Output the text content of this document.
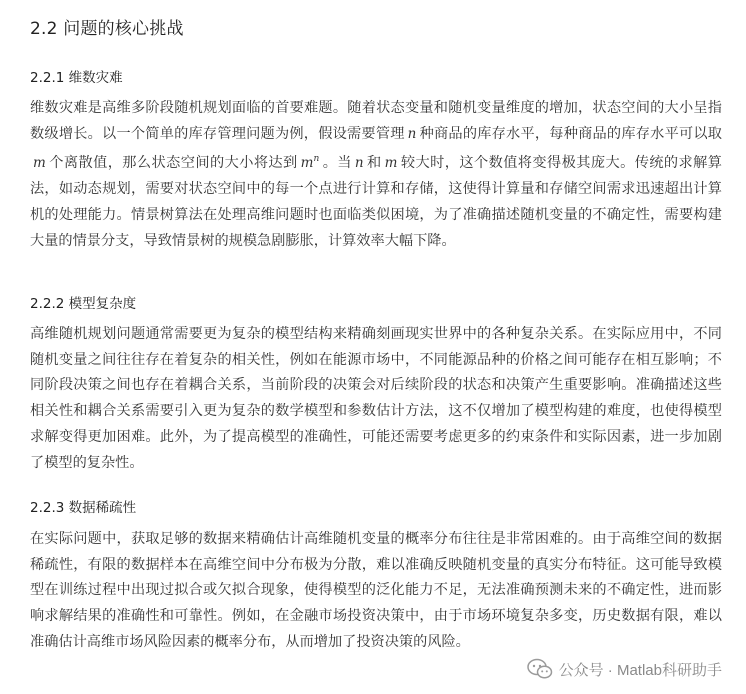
2.2 问题的核心挑战
2.2.1 维数灾难

维数灾难是高维多阶段随机规划面临的首要难题。随着状态变量和随机变量维度的增加，状态空间的大小呈指数级增长。以一个简单的库存管理问题为例，假设需要管理 n 种商品的库存水平，每种商品的库存水平可以取m 个离散值，那么状态空间的大小将达到 $m^n$ 。当 n 和 m 较大时，这个数值将变得极其庞大。传统的求解算法，如动态规划，需要对状态空间中的每一个点进行计算和存储，这使得计算量和存储空间需求迅速超出计算机的处理能力。情景树算法在处理高维问题时也面临类似困境，为了准确描述随机变量的不确定性，需要构建大量的情景分支，导致情景树的规模急剧膨胀，计算效率大幅下降。

2.2.2 模型复杂度

高维随机规划问题通常需要更为复杂的模型结构来精确刻画现实世界中的各种复杂关系。在实际应用中，不同随机变量之间往往存在着复杂的相关性，例如在能源市场中，不同能源品种的价格之间可能存在相互影响；不同阶段决策之间也存在着耦合关系，当前阶段的决策会对后续阶段的状态和决策产生重要影响。准确描述这些相关性和耦合关系需要引入更为复杂的数学模型和参数估计方法，这不仅增加了模型构建的难度，也使得模型求解变得更加困难。此外，为了提高模型的准确性，可能还需要考虑更多的约束条件和实际因素，进一步加剧了模型的复杂性。

2.2.3 数据稀疏性

在实际问题中，获取足够的数据来精确估计高维随机变量的概率分布往往是非常困难的。由于高维空间的数据稀疏性，有限的数据样本在高维空间中分布极为分散，难以准确反映随机变量的真实分布特征。这可能导致模型在训练过程中出现过拟合或欠拟合现象，使得模型的泛化能力不足，无法准确预测未来的不确定性，进而影响求解结果的准确性和可靠性。例如，在金融市场投资决策中，由于市场环境复杂多变，历史数据有限，难以准确估计高维市场风险因素的概率分布，从而增加了投资决策的风险。

公众号 · Matlab科研助手
